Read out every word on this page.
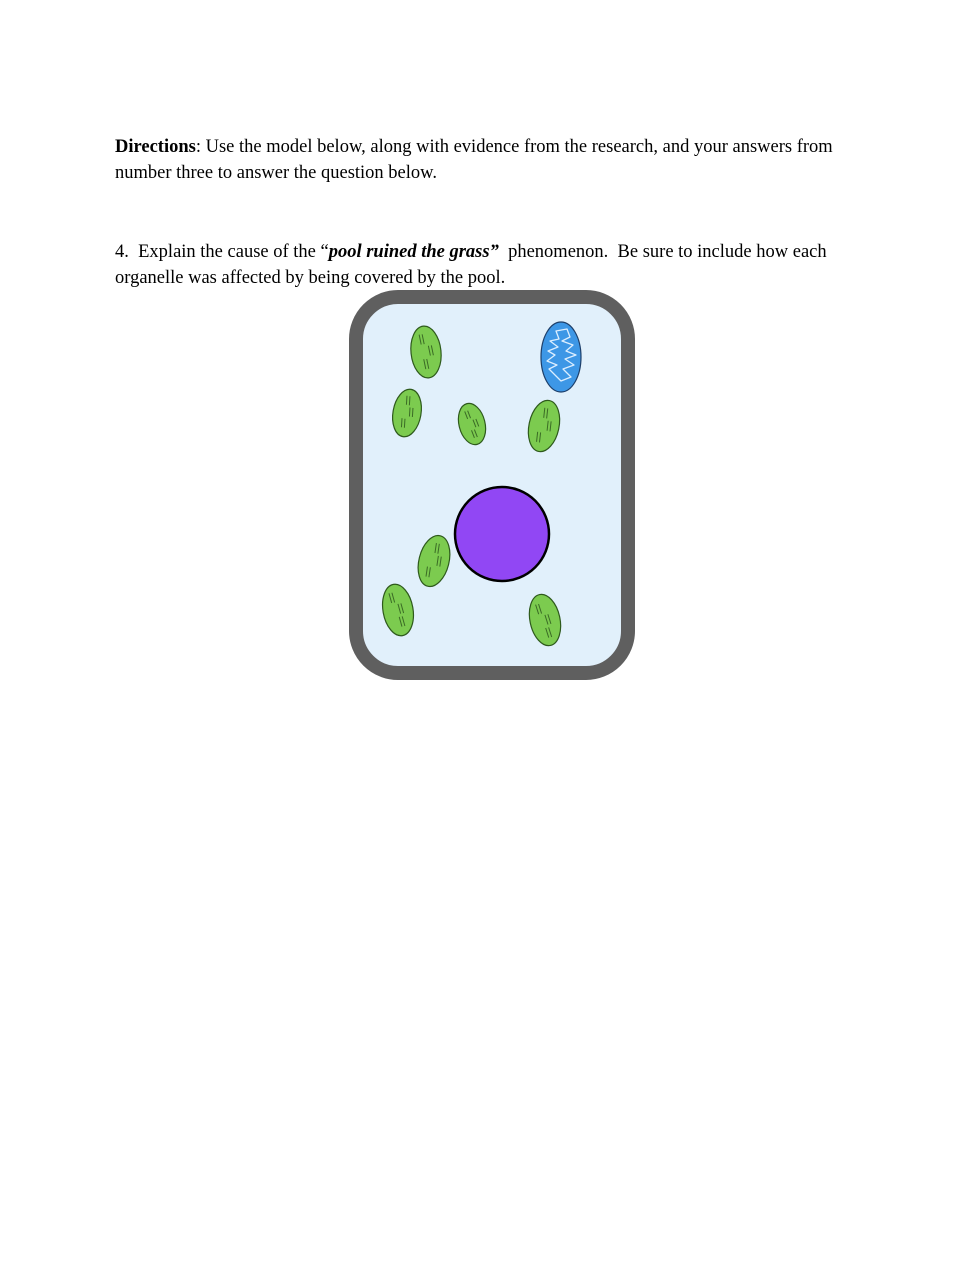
Directions: Use the model below, along with evidence from the research, and your answers from number three to answer the question below.

4.  Explain the cause of the “pool ruined the grass”  phenomenon.  Be sure to include how each organelle was affected by being covered by the pool.
